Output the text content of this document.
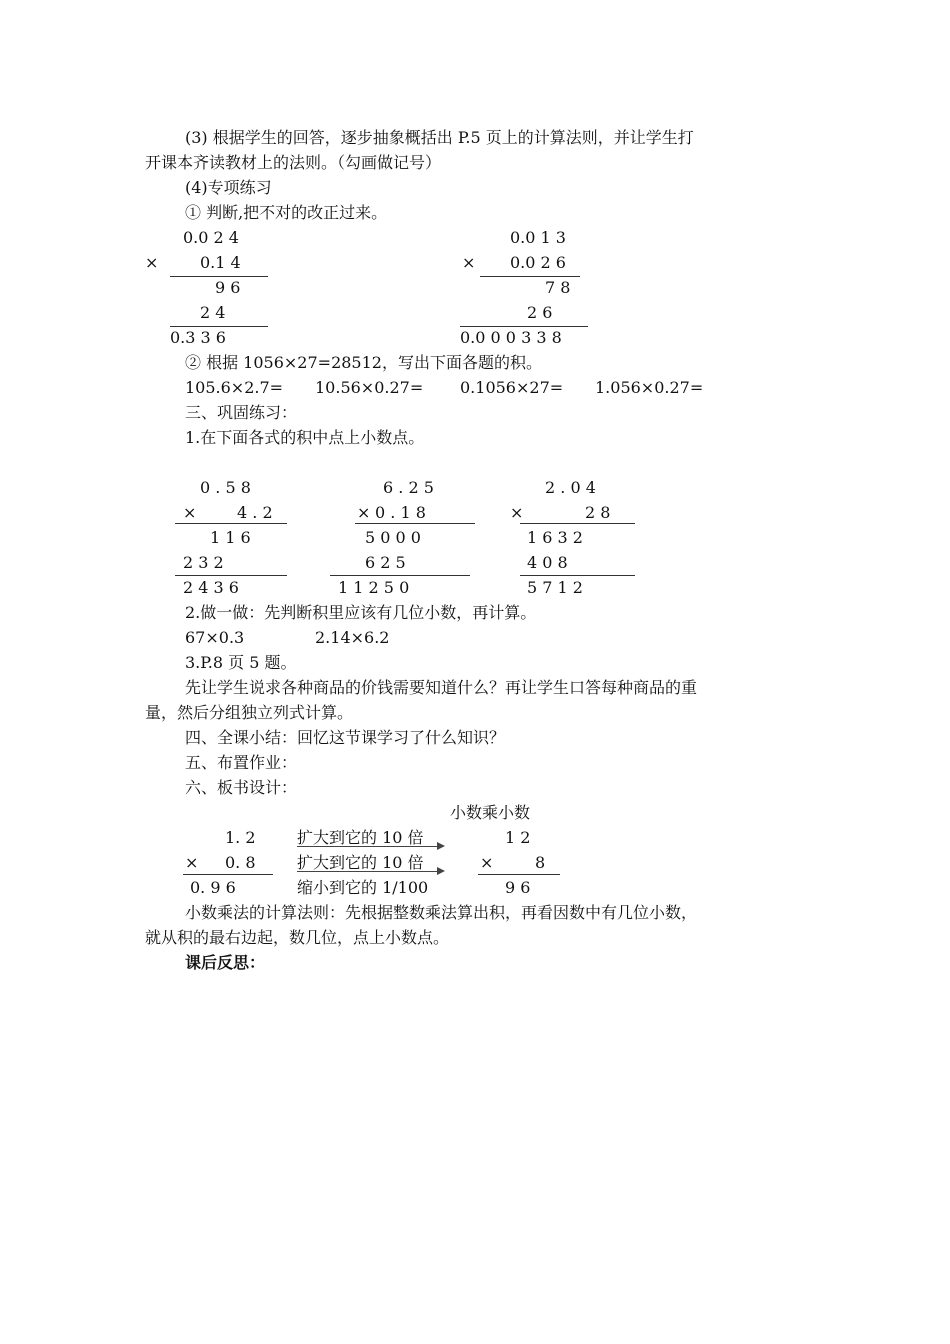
(3) 根据学生的回答，逐步抽象概括出 P.5 页上的计算法则，并让学生打
开课本齐读教材上的法则。（勾画做记号）
(4)专项练习
① 判断,把不对的改正过来。
0.0 2 4
×	0.1 4
9 6
2 4
0.3 3 6
0.0 1 3
× 0.0 2 6
7 8
2 6
0.0 0 0 3 3 8
② 根据 1056×27=28512，写出下面各题的积。
105.6×2.7= 10.56×0.27= 0.1056×27= 1.056×0.27=
三、巩固练习：
1.在下面各式的积中点上小数点。
0 . 5 8
×	4 . 2
1 1 6
2 3 2
2 4 3 6
6 . 2 5
× 0 . 1 8
5 0 0 0
6 2 5
1 1 2 5 0
2 . 0 4
×	2 8
1 6 3 2
4 0 8
5 7 1 2
2.做一做：先判断积里应该有几位小数，再计算。
67×0.3	2.14×6.2
3.P.8 页 5 题。
先让学生说求各种商品的价钱需要知道什么？再让学生口答每种商品的重
量，然后分组独立列式计算。
四、全课小结：回忆这节课学习了什么知识？
五、布置作业：
六、板书设计：
小数乘小数
1. 2
× 0. 8
0. 9 6
扩大到它的 10 倍
扩大到它的 10 倍
缩小到它的 1/100
1 2
×	8
9 6
小数乘法的计算法则：先根据整数乘法算出积，再看因数中有几位小数，
就从积的最右边起，数几位，点上小数点。
课后反思：
